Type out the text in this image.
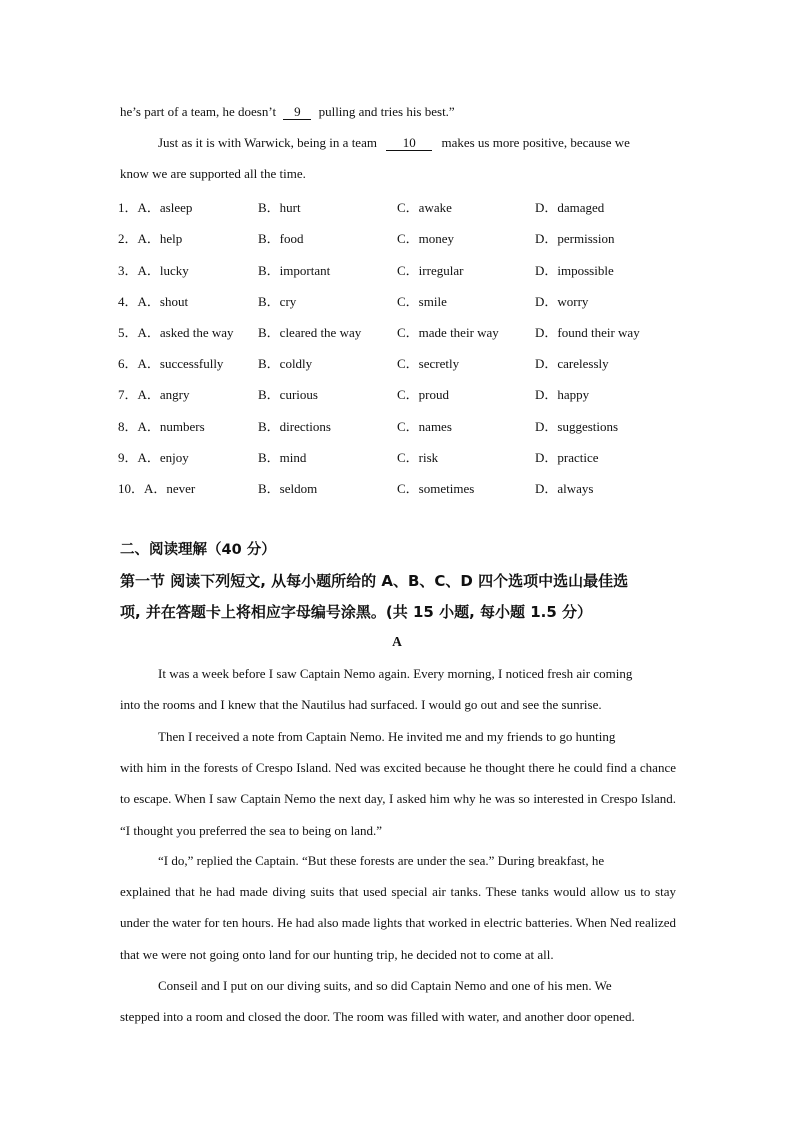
he’s part of a team, he doesn’t 9 pulling and tries his best.”
Just as it is with Warwick, being in a team 10 makes us more positive, because we
know we are supported all the time.
1．A．asleep	B．hurt	C．awake	D．damaged
2．A．help	B．food	C．money	D．permission
3．A．lucky	B．important	C．irregular	D．impossible
4．A．shout	B．cry	C．smile	D．worry
5．A．asked the way B．cleared the way	C．made their way	D．found their way
6．A．successfully	B．coldly	C．secretly	D．carelessly
7．A．angry	B．curious	C．proud	D．happy
8．A．numbers	B．directions	C．names	D．suggestions
9．A．enjoy	B．mind	C．risk	D．practice
10．A．never	B．seldom	C．sometimes	D．always
二、阅读理解（40 分）
第一节 阅读下列短文, 从每小题所给的 A、B、C、D 四个选项中选山最佳选
项, 并在答题卡上将相应字母编号涂黑。(共 15 小题, 每小题 1.5 分）
A
It was a week before I saw Captain Nemo again. Every morning, I noticed fresh air coming
into the rooms and I knew that the Nautilus had surfaced. I would go out and see the sunrise.
Then I received a note from Captain Nemo. He invited me and my friends to go hunting
with him in the forests of Crespo Island. Ned was excited because he thought there he could find a chance to escape. When I saw Captain Nemo the next day, I asked him why he was so interested in Crespo Island. “I thought you preferred the sea to being on land.”
“I do,” replied the Captain. “But these forests are under the sea.” During breakfast, he
explained that he had made diving suits that used special air tanks. These tanks would allow us to stay under the water for ten hours. He had also made lights that worked in electric batteries. When Ned realized that we were not going onto land for our hunting trip, he decided not to come at all.
Conseil and I put on our diving suits, and so did Captain Nemo and one of his men. We
stepped into a room and closed the door. The room was filled with water, and another door opened.
